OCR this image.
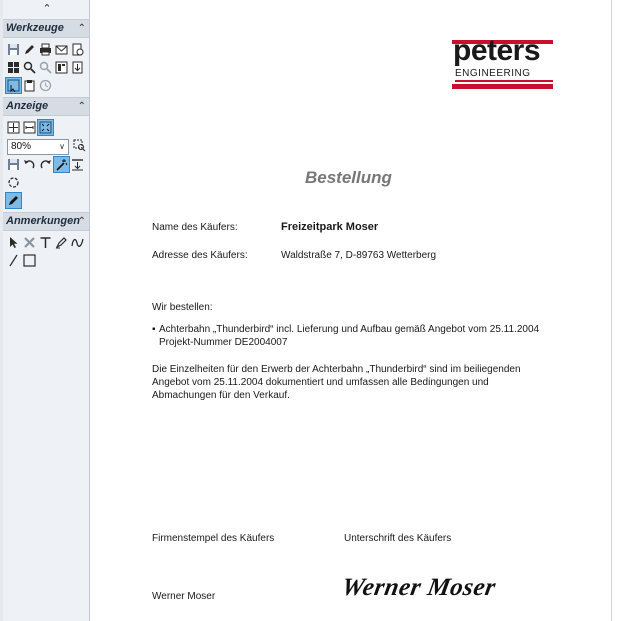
⌃
Werkzeuge ⌃
Anzeige	⌃
80%	∨
Anmerkungen
⌃
peters
ENGINEERING
Bestellung
Name des Käufers:	Freizeitpark Moser
Adresse des Käufers:	Waldstraße 7, D-89763 Wetterberg
Wir bestellen:
▪ Achterbahn „Thunderbird“ incl. Lieferung und Aufbau gemäß Angebot vom 25.11.2004
Projekt-Nummer DE2004007
Die Einzelheiten für den Erwerb der Achterbahn „Thunderbird“ sind im beiliegenden
Angebot vom 25.11.2004 dokumentiert und umfassen alle Bedingungen und
Abmachungen für den Verkauf.
Firmenstempel des Käufers	Unterschrift des Käufers
Werner Moser	Werner Moser
